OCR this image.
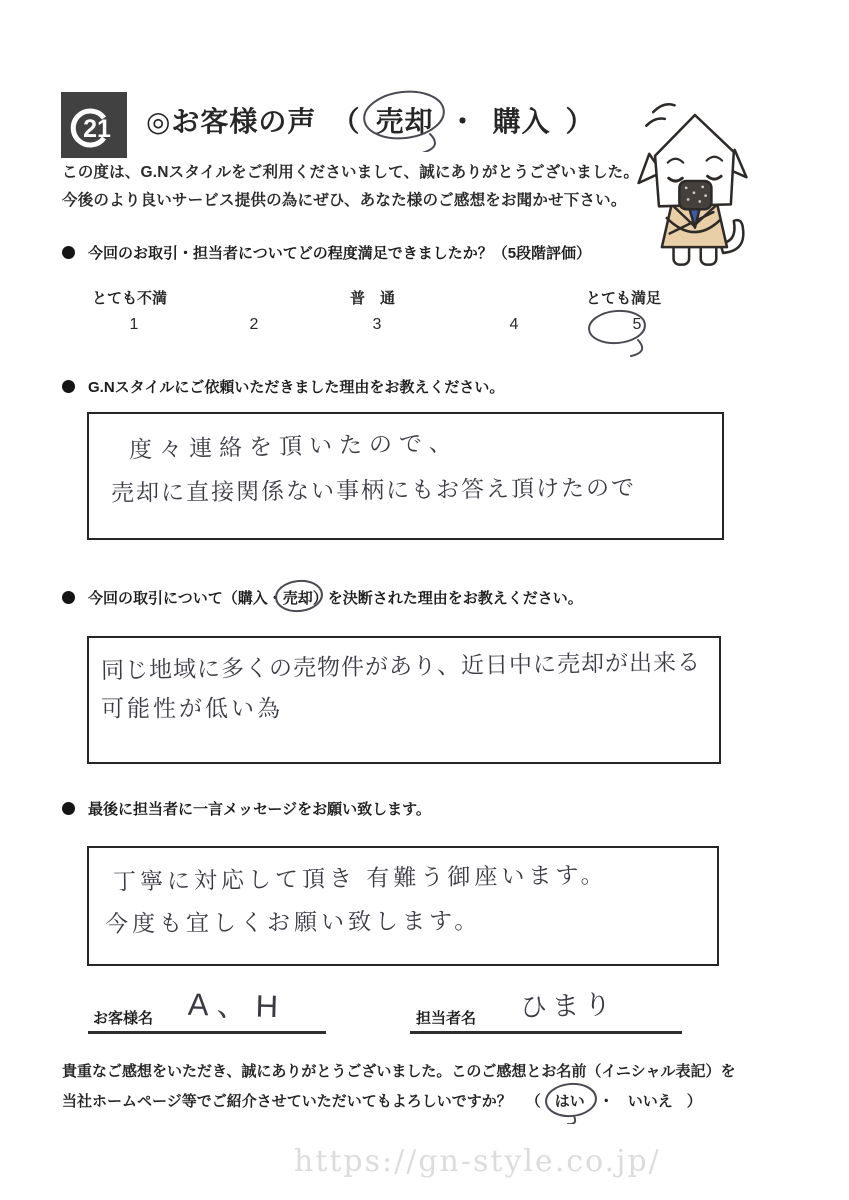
21 ◎お客様の声 （ 売却 ・ 購入 ）
この度は、G.Nスタイルをご利用くださいまして、誠にありがとうございました。
今後のより良いサービス提供の為にぜひ、あなた様のご感想をお聞かせ下さい。
今回のお取引・担当者についてどの程度満足できましたか？（5段階評価）
とても不満	普　通	とても満足
1	2	3	4	5
G.Nスタイルにご依頼いただきました理由をお教えください。
度々連絡を頂いたので、
売却に直接関係ない事柄にもお答え頂けたので
今回の取引について（購入・
売却）を決断された理由をお教えください。
同じ地域に多くの売物件があり、近日中に売却が出来る
可能性が低い為
最後に担当者に一言メッセージをお願い致します。
丁寧に対応して頂き 有難う御座います。
今度も宜しくお願い致します。
お客様名 A、H	担当者名 ひまり
貴重なご感想をいただき、誠にありがとうございました。このご感想とお名前（イニシャル表記）を
当社ホームページ等でご紹介させていただいてもよろしいですか？ （ はい ・ いいえ ）
https://gn-style.co.jp/
